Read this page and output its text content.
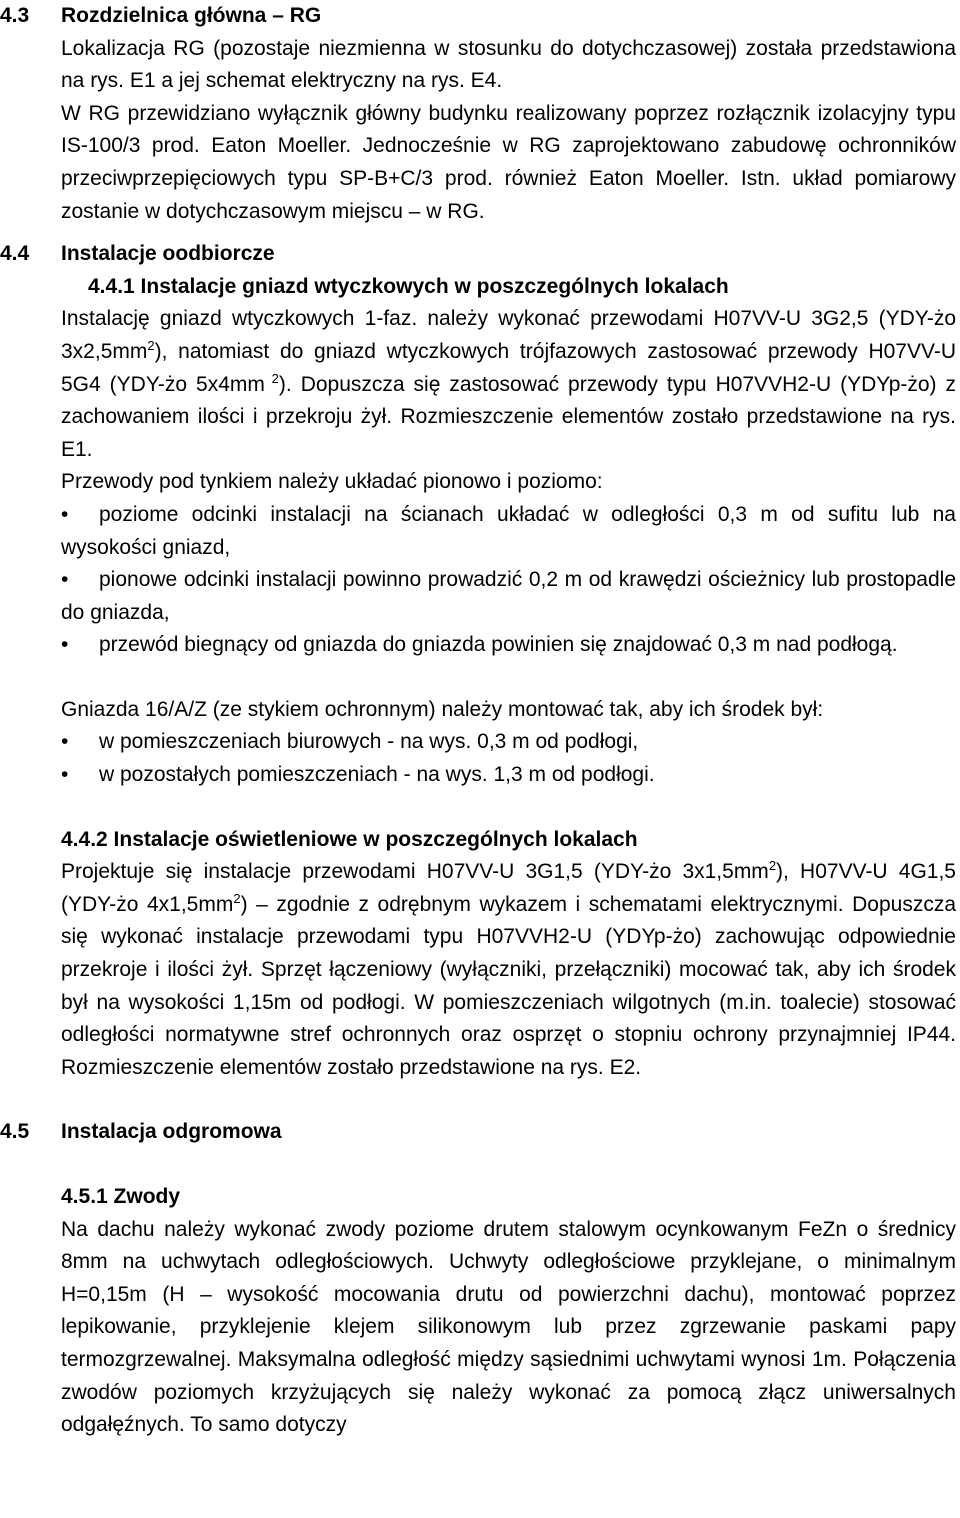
4.3 Rozdzielnica główna – RG
Lokalizacja RG (pozostaje niezmienna w stosunku do dotychczasowej) została przedstawiona na rys. E1 a jej schemat elektryczny na rys. E4.
W RG przewidziano wyłącznik główny budynku realizowany poprzez rozłącznik izolacyjny typu IS-100/3 prod. Eaton Moeller. Jednocześnie w RG zaprojektowano zabudowę ochronników przeciwprzepięciowych typu SP-B+C/3 prod. również Eaton Moeller. Istn. układ pomiarowy zostanie w dotychczasowym miejscu – w RG.
4.4 Instalacje oodbiorcze
4.4.1 Instalacje gniazd wtyczkowych w poszczególnych lokalach
Instalację gniazd wtyczkowych 1-faz. należy wykonać przewodami H07VV-U 3G2,5 (YDY-żo $3x2,5mm^2$), natomiast do gniazd wtyczkowych trójfazowych zastosować przewody H07VV-U 5G4 (YDY-żo 5x4mm $^2$). Dopuszcza się zastosować przewody typu H07VVH2-U (YDYp-żo) z zachowaniem ilości i przekroju żył. Rozmieszczenie elementów zostało przedstawione na rys. E1.
Przewody pod tynkiem należy układać pionowo i poziomo:
• poziome odcinki instalacji na ścianach układać w odległości 0,3 m od sufitu lub na wysokości gniazd,
• pionowe odcinki instalacji powinno prowadzić 0,2 m od krawędzi ościeżnicy lub prostopadle do gniazda,
• przewód biegnący od gniazda do gniazda powinien się znajdować 0,3 m nad podłogą.
Gniazda 16/A/Z (ze stykiem ochronnym) należy montować tak, aby ich środek był:
• w pomieszczeniach biurowych - na wys. 0,3 m od podłogi,
• w pozostałych pomieszczeniach - na wys. 1,3 m od podłogi.
4.4.2 Instalacje oświetleniowe w poszczególnych lokalach
Projektuje się instalacje przewodami H07VV-U 3G1,5 (YDY-żo $3x1,5mm^2$), H07VV-U 4G1,5 (YDY-żo $4x1,5mm^2$) – zgodnie z odrębnym wykazem i schematami elektrycznymi. Dopuszcza się wykonać instalacje przewodami typu H07VVH2-U (YDYp-żo) zachowując odpowiednie przekroje i ilości żył. Sprzęt łączeniowy (wyłączniki, przełączniki) mocować tak, aby ich środek był na wysokości 1,15m od podłogi. W pomieszczeniach wilgotnych (m.in. toalecie) stosować odległości normatywne stref ochronnych oraz osprzęt o stopniu ochrony przynajmniej IP44. Rozmieszczenie elementów zostało przedstawione na rys. E2.
4.5 Instalacja odgromowa
4.5.1 Zwody
Na dachu należy wykonać zwody poziome drutem stalowym ocynkowanym FeZn o średnicy 8mm na uchwytach odległościowych. Uchwyty odległościowe przyklejane, o minimalnym H=0,15m (H – wysokość mocowania drutu od powierzchni dachu), montować poprzez lepikowanie, przyklejenie klejem silikonowym lub przez zgrzewanie paskami papy termozgrzewalnej. Maksymalna odległość między sąsiednimi uchwytami wynosi 1m. Połączenia zwodów poziomych krzyżujących się należy wykonać za pomocą złącz uniwersalnych odgałęźnych. To samo dotyczy
